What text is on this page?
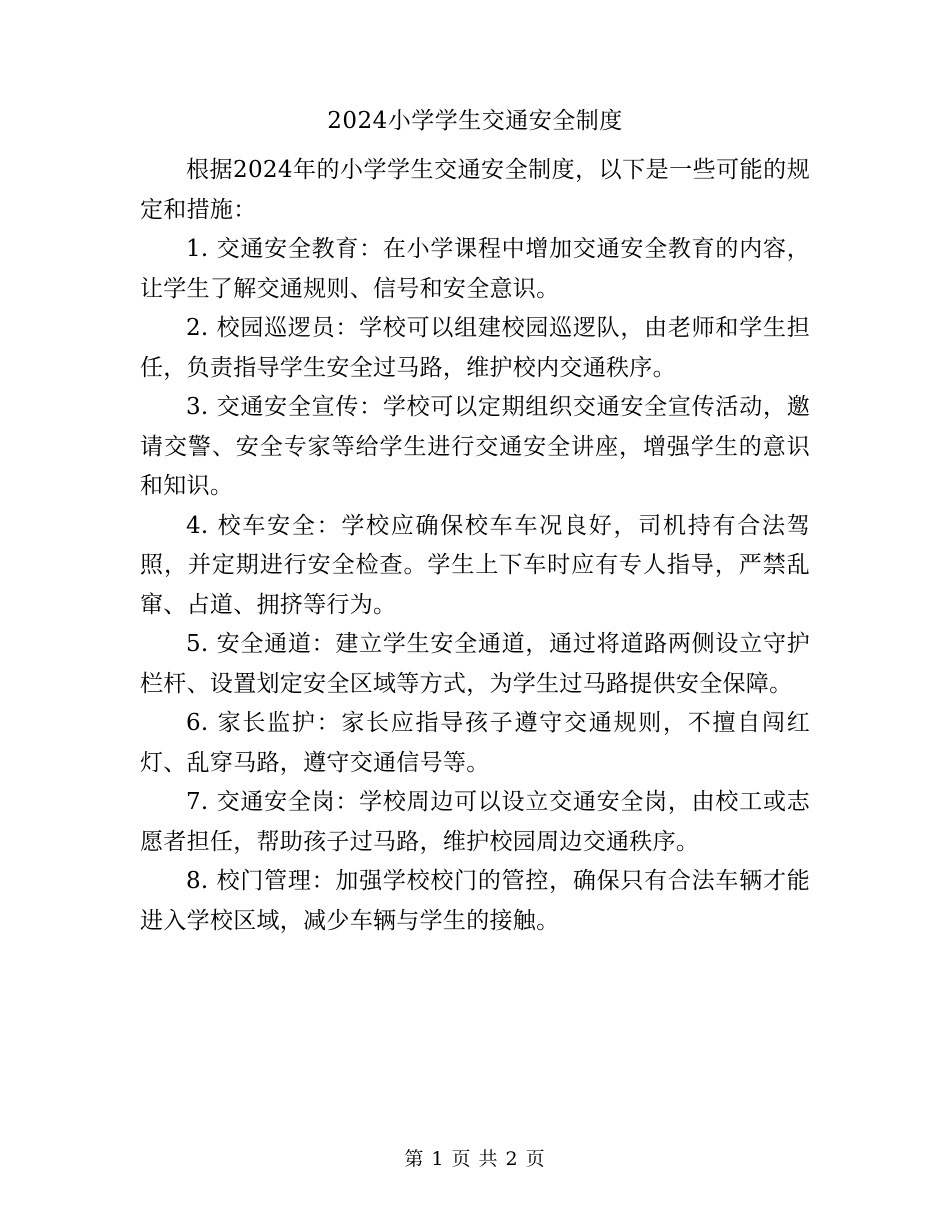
2024小学学生交通安全制度

根据2024年的小学学生交通安全制度，以下是一些可能的规定和措施：

1. 交通安全教育：在小学课程中增加交通安全教育的内容，让学生了解交通规则、信号和安全意识。

2. 校园巡逻员：学校可以组建校园巡逻队，由老师和学生担任，负责指导学生安全过马路，维护校内交通秩序。

3. 交通安全宣传：学校可以定期组织交通安全宣传活动，邀请交警、安全专家等给学生进行交通安全讲座，增强学生的意识和知识。

4. 校车安全：学校应确保校车车况良好，司机持有合法驾照，并定期进行安全检查。学生上下车时应有专人指导，严禁乱窜、占道、拥挤等行为。

5. 安全通道：建立学生安全通道，通过将道路两侧设立守护栏杆、设置划定安全区域等方式，为学生过马路提供安全保障。

6. 家长监护：家长应指导孩子遵守交通规则，不擅自闯红灯、乱穿马路，遵守交通信号等。

7. 交通安全岗：学校周边可以设立交通安全岗，由校工或志愿者担任，帮助孩子过马路，维护校园周边交通秩序。

8. 校门管理：加强学校校门的管控，确保只有合法车辆才能进入学校区域，减少车辆与学生的接触。

第 1 页 共 2 页
